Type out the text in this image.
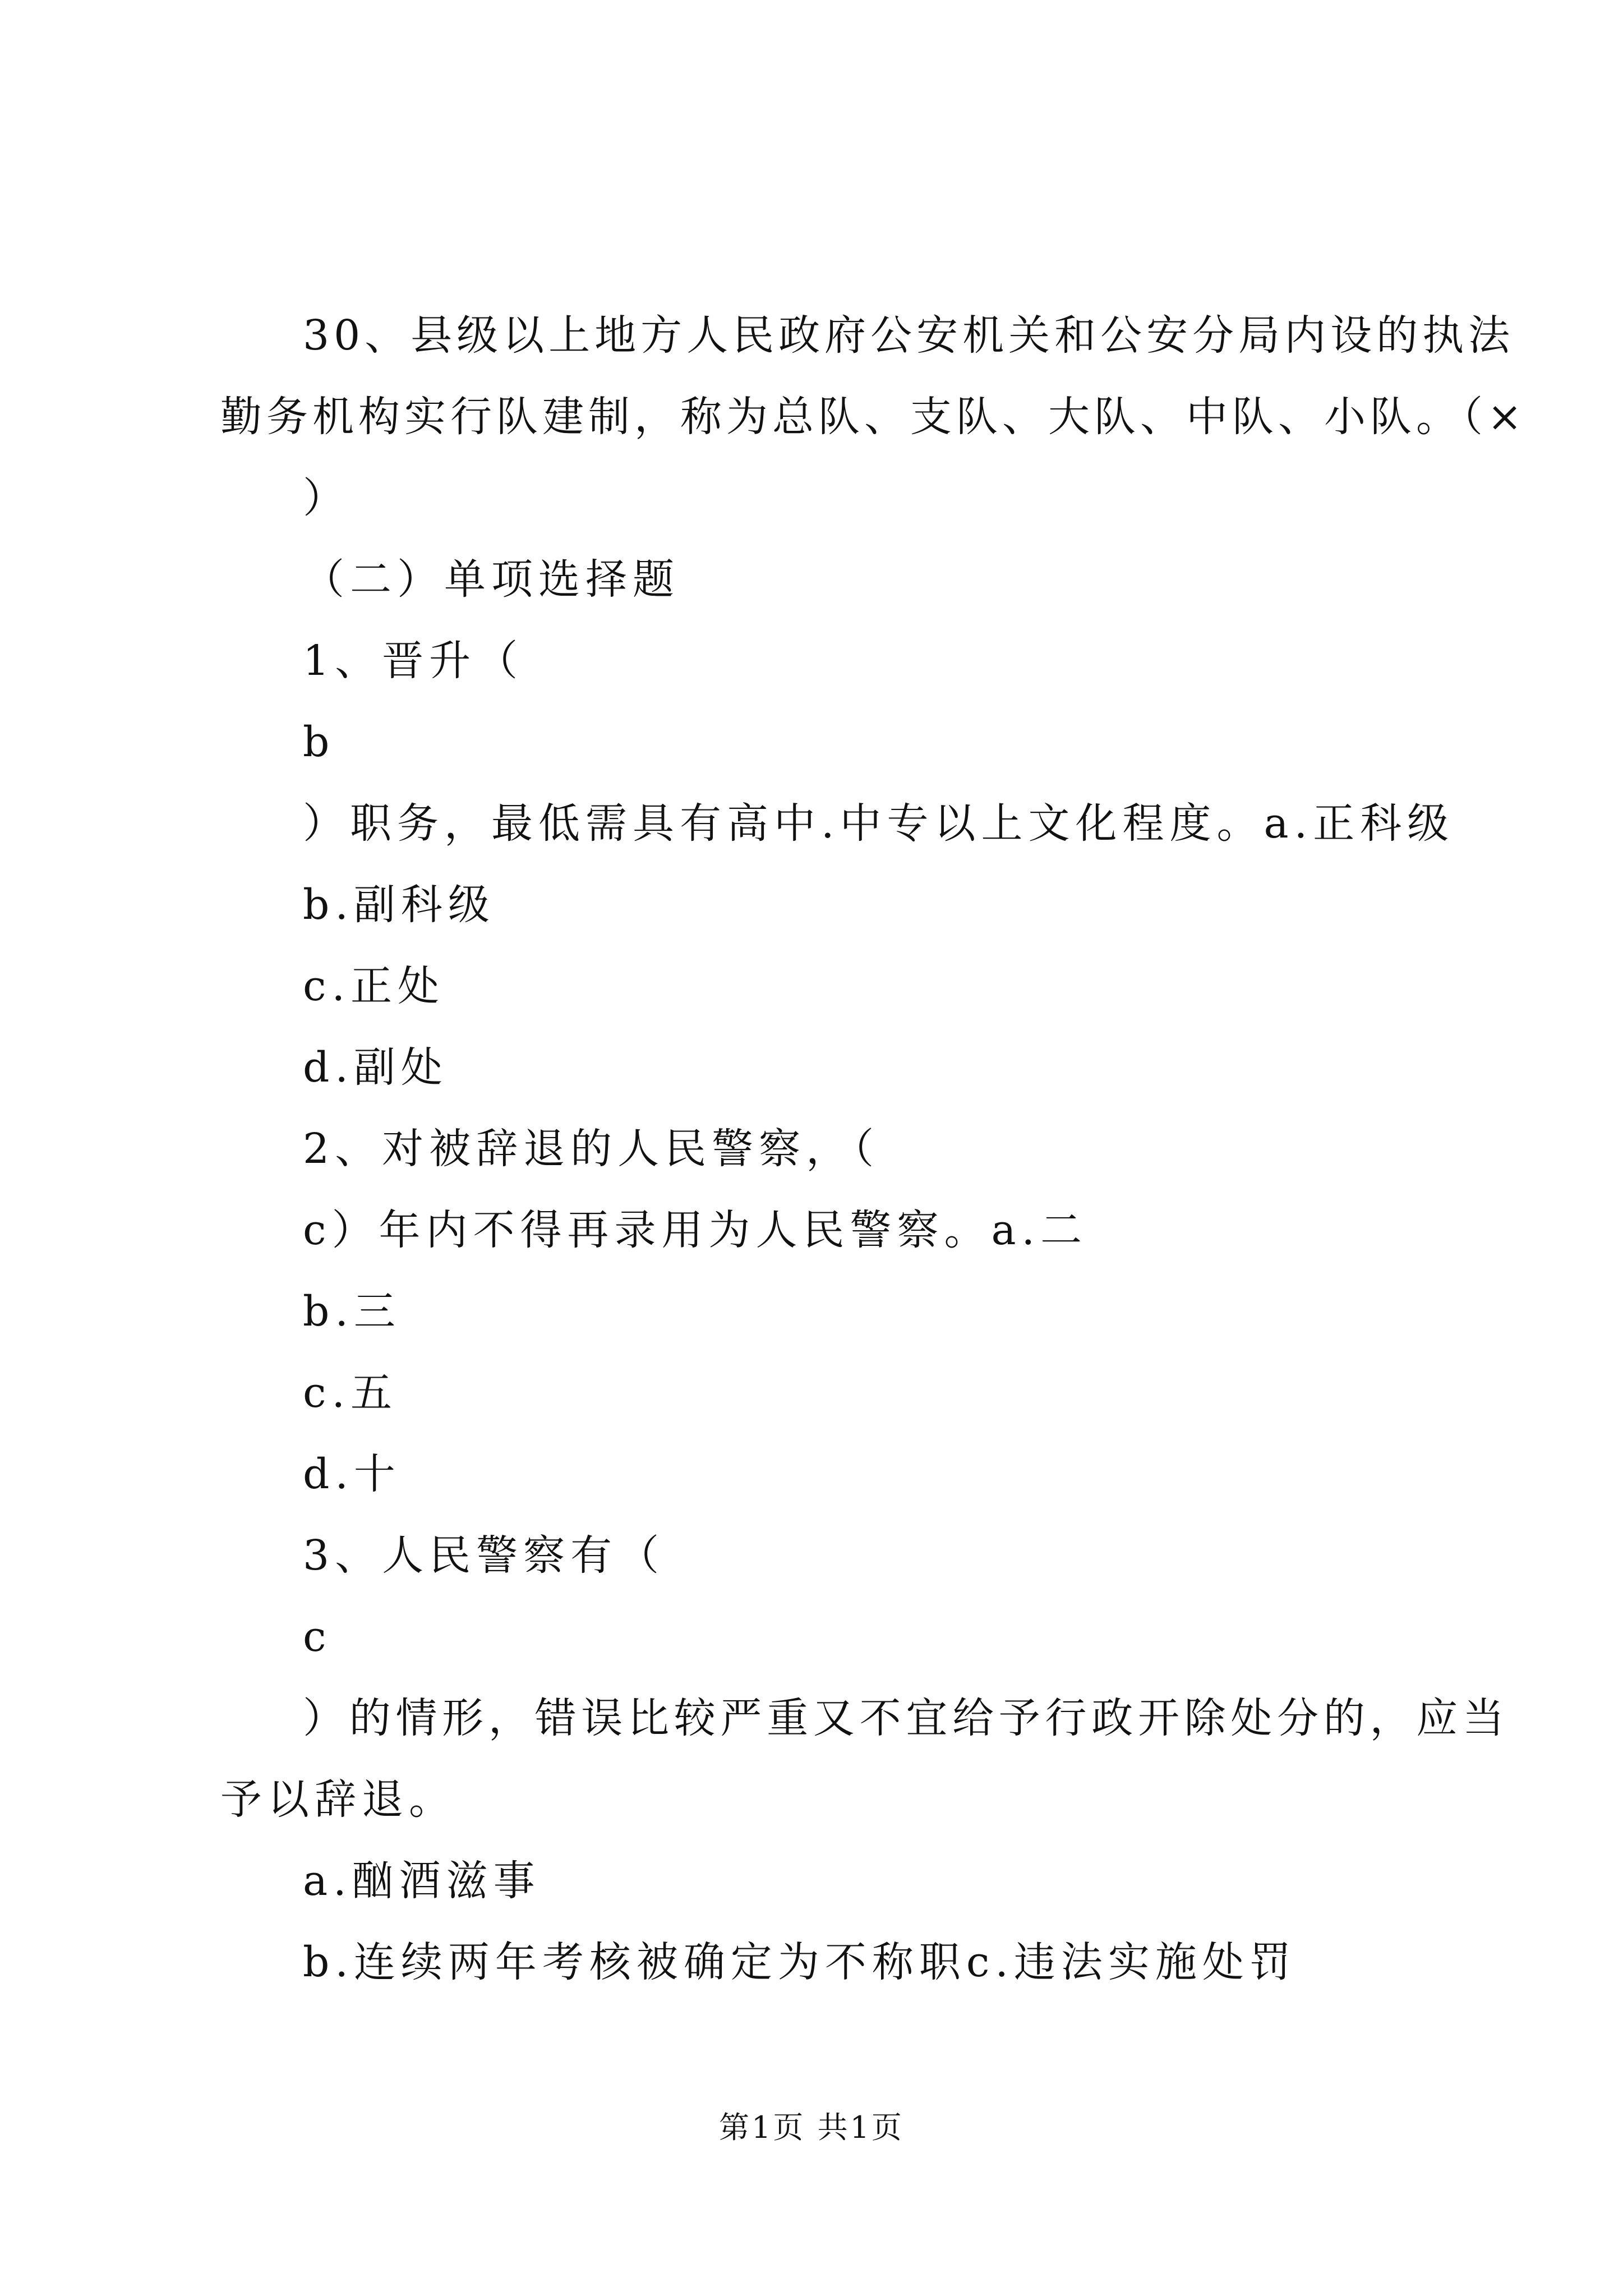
30、县级以上地方人民政府公安机关和公安分局内设的执法
勤务机构实行队建制，称为总队、支队、大队、中队、小队。（×
）
（二）单项选择题
1、晋升（
b
）职务，最低需具有高中.中专以上文化程度。a.正科级
b.副科级
c.正处
d.副处
2、对被辞退的人民警察，（
c）年内不得再录用为人民警察。a.二
b.三
c.五
d.十
3、人民警察有（
c
）的情形，错误比较严重又不宜给予行政开除处分的，应当
予以辞退。
a.酗酒滋事
b.连续两年考核被确定为不称职c.违法实施处罚
第1页 共1页
